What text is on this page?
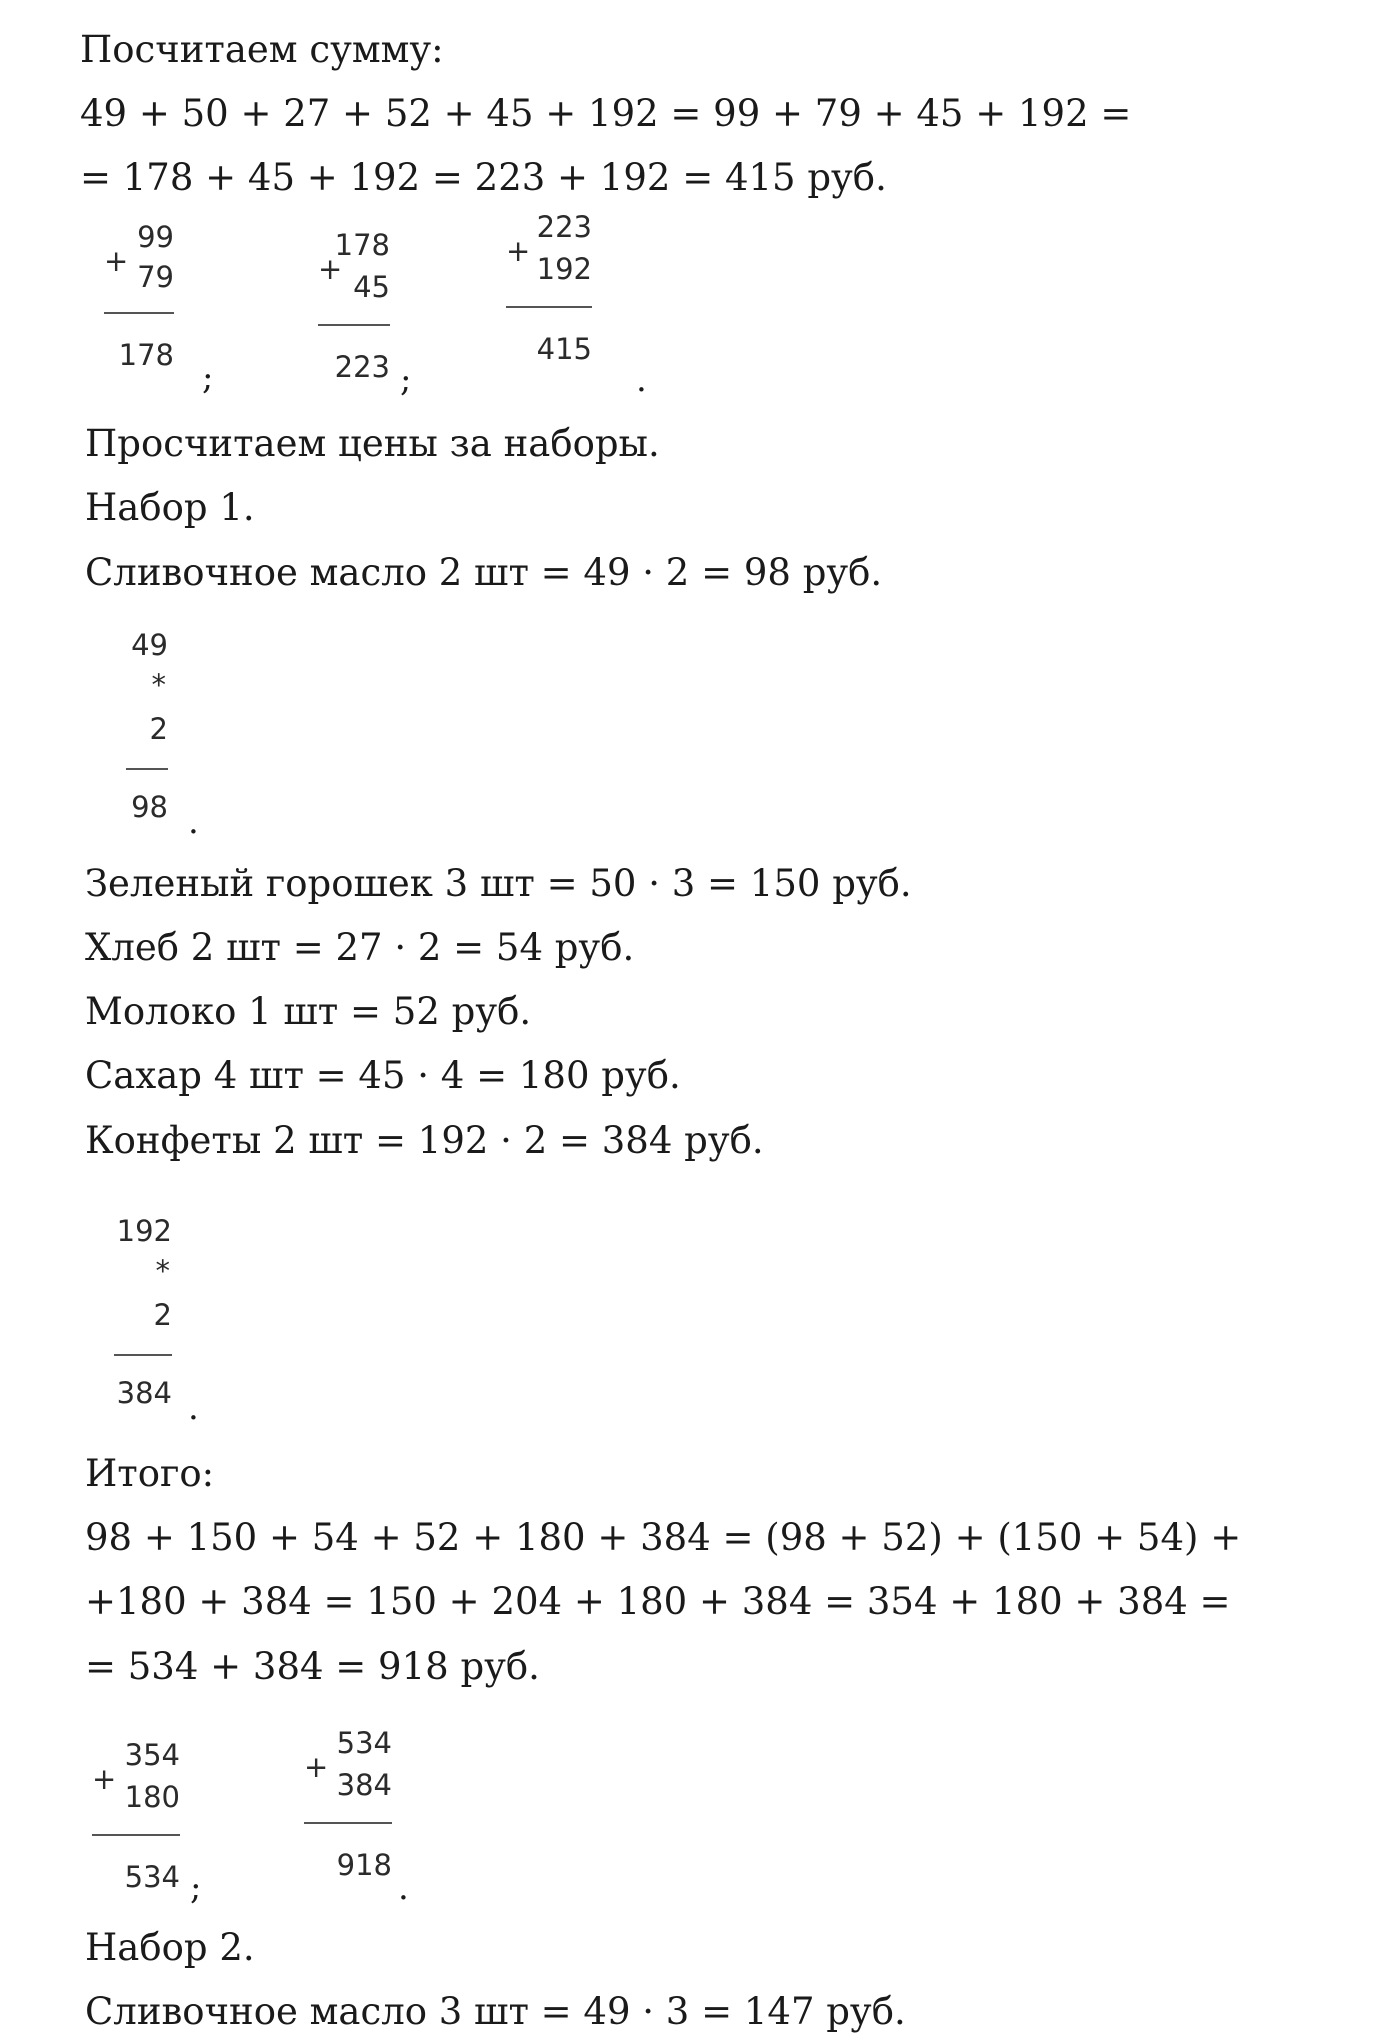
Посчитаем сумму:
49 + 50 + 27 + 52 + 45 + 192 = 99 + 79 + 45 + 192 =
= 178 + 45 + 192 = 223 + 192 = 415 руб.
+
99
79
178
;
+
178
45
223 ;
+
223
192
415
.
Просчитаем цены за наборы.
Набор 1.
Сливочное масло 2 шт = 49 · 2 = 98 руб.
49
*
2
98 .
Зеленый горошек 3 шт = 50 · 3 = 150 руб.
Хлеб 2 шт = 27 · 2 = 54 руб.
Молоко 1 шт = 52 руб.
Сахар 4 шт = 45 · 4 = 180 руб.
Конфеты 2 шт = 192 · 2 = 384 руб.
192
*
2
384 .
Итого:
98 + 150 + 54 + 52 + 180 + 384 = (98 + 52) + (150 + 54) +
+180 + 384 = 150 + 204 + 180 + 384 = 354 + 180 + 384 =
= 534 + 384 = 918 руб.
+
354
180
534 ;
+
534
384
918
.
Набор 2.
Сливочное масло 3 шт = 49 · 3 = 147 руб.
